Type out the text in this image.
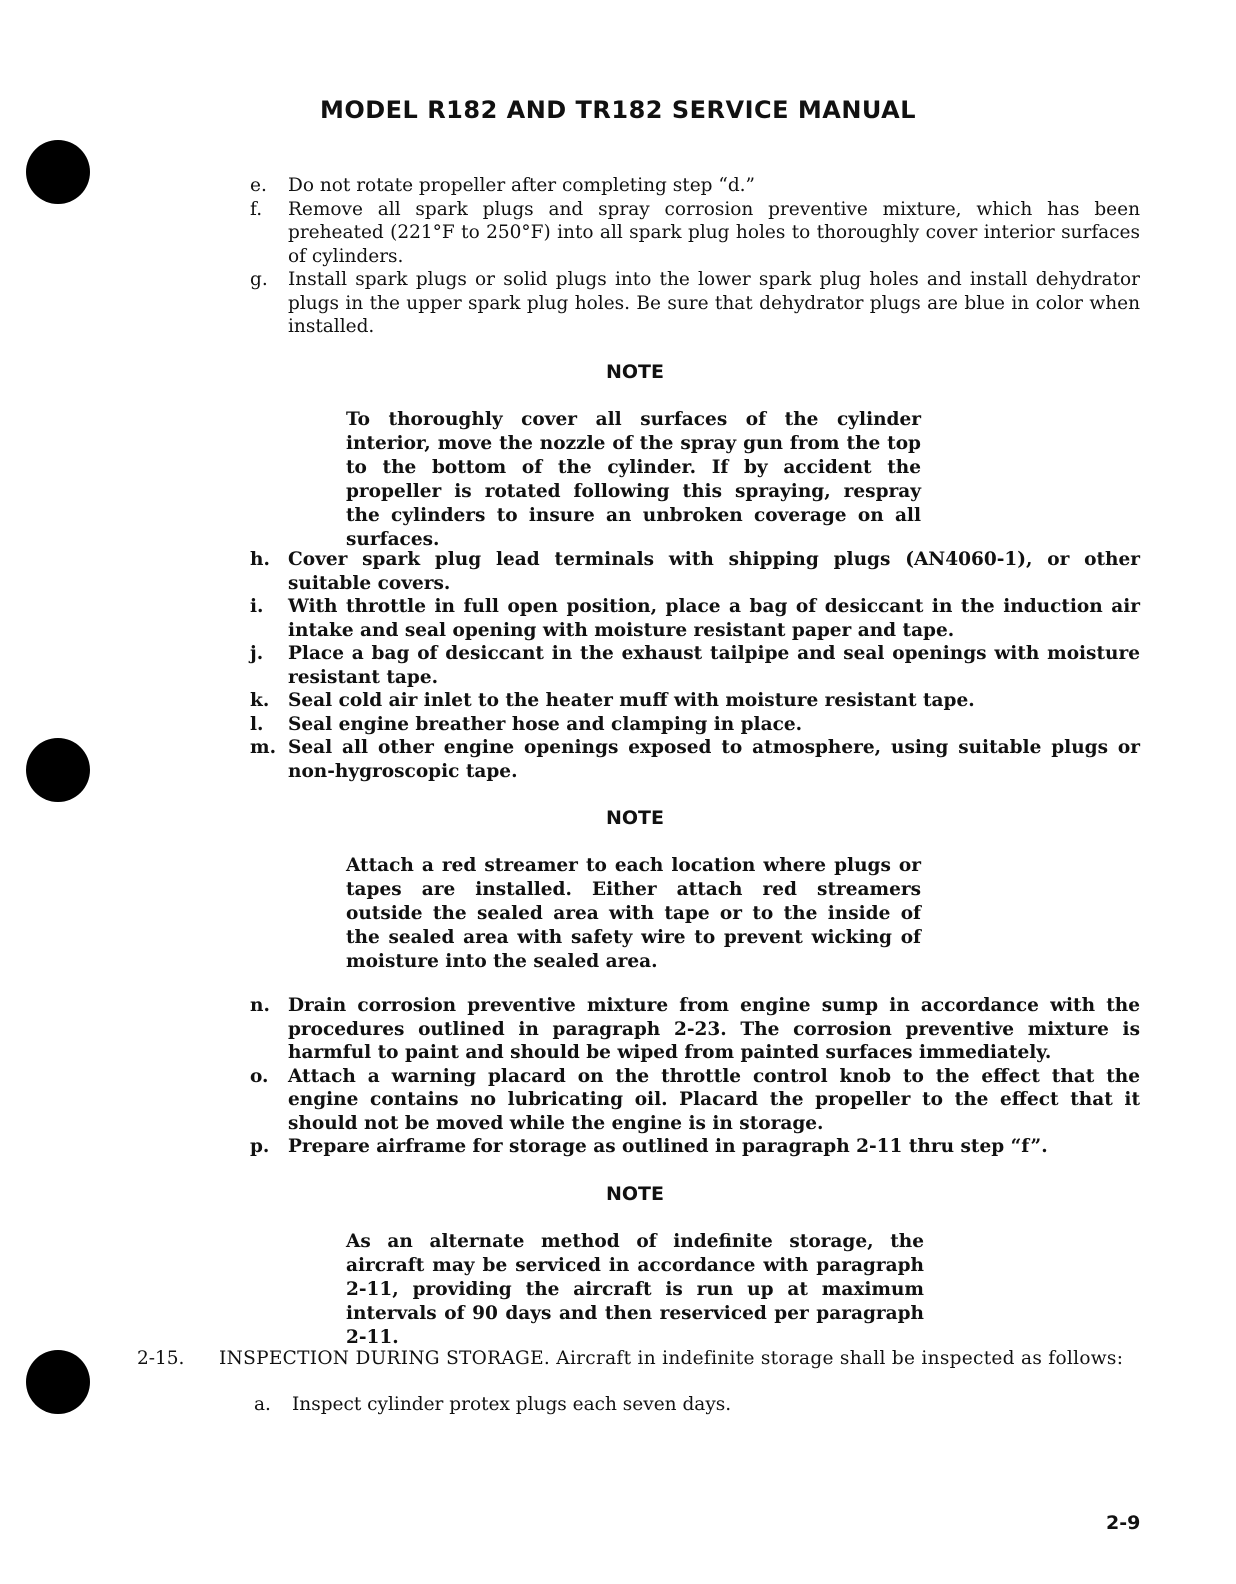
MODEL R182 AND TR182 SERVICE MANUAL
e.	Do not rotate propeller after completing step “d.”
f.	Remove all spark plugs and spray corrosion preventive mixture, which has been preheated (221°F to 250°F) into all spark plug holes to thoroughly cover interior surfaces of cylinders.
g.	Install spark plugs or solid plugs into the lower spark plug holes and install dehydrator plugs in the upper spark plug holes. Be sure that dehydrator plugs are blue in color when installed.
NOTE
To thoroughly cover all surfaces of the cylinder interior, move the nozzle of the spray gun from the top to the bottom of the cylinder. If by accident the propeller is rotated following this spraying, respray the cylinders to insure an unbroken coverage on all surfaces.
h. Cover spark plug lead terminals with shipping plugs (AN4060-1), or other suitable covers.
i.	With throttle in full open position, place a bag of desiccant in the induction air intake and seal opening with moisture resistant paper and tape.
j.	Place a bag of desiccant in the exhaust tailpipe and seal openings with moisture resistant tape.
k.	Seal cold air inlet to the heater muff with moisture resistant tape.
l.	Seal engine breather hose and clamping in place.
m. Seal all other engine openings exposed to atmosphere, using suitable plugs or non-hygroscopic tape.
NOTE
Attach a red streamer to each location where plugs or tapes are installed. Either attach red streamers outside the sealed area with tape or to the inside of the sealed area with safety wire to prevent wicking of moisture into the sealed area.
n. Drain corrosion preventive mixture from engine sump in accordance with the procedures outlined in paragraph 2-23. The corrosion preventive mixture is harmful to paint and should be wiped from painted surfaces immediately.
o.	Attach a warning placard on the throttle control knob to the effect that the engine contains no lubricating oil. Placard the propeller to the effect that it should not be moved while the engine is in storage.
p.	Prepare airframe for storage as outlined in paragraph 2-11 thru step “f”.
NOTE
As an alternate method of indefinite storage, the aircraft may be serviced in accordance with paragraph 2-11, providing the aircraft is run up at maximum intervals of 90 days and then reserviced per paragraph 2-11.
2-15. INSPECTION DURING STORAGE. Aircraft in indefinite storage shall be inspected as follows:
a.	Inspect cylinder protex plugs each seven days.
2-9
